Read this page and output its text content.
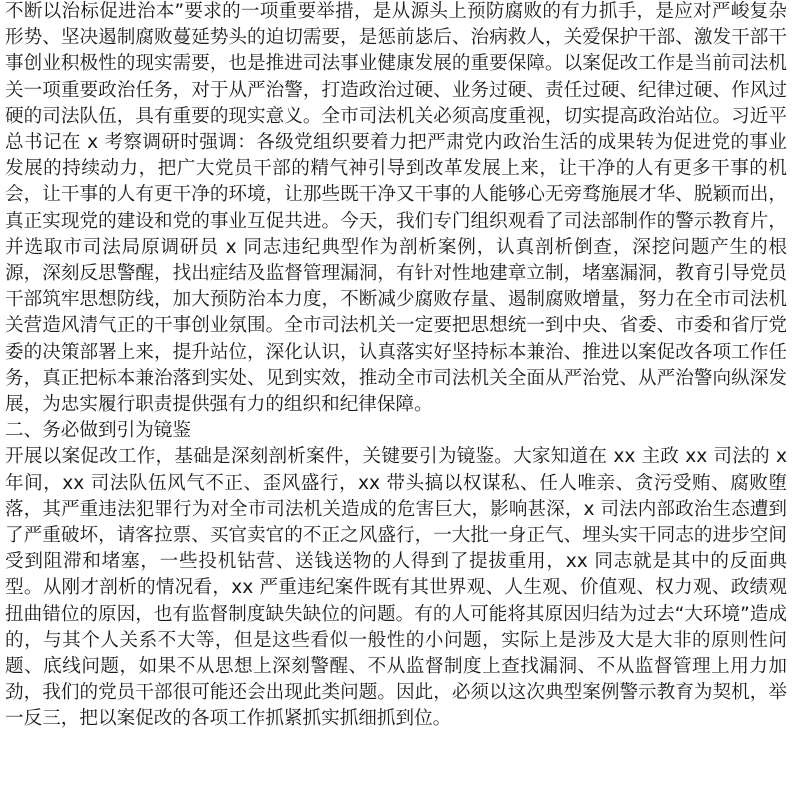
不断以治标促进治本”要求的一项重要举措，是从源头上预防腐败的有力抓手，是应对严峻复杂形势、坚决遏制腐败蔓延势头的迫切需要，是惩前毖后、治病救人，关爱保护干部、激发干部干事创业积极性的现实需要，也是推进司法事业健康发展的重要保障。以案促改工作是当前司法机关一项重要政治任务，对于从严治警，打造政治过硬、业务过硬、责任过硬、纪律过硬、作风过硬的司法队伍，具有重要的现实意义。全市司法机关必须高度重视，切实提高政治站位。习近平总书记在 x 考察调研时强调：各级党组织要着力把严肃党内政治生活的成果转为促进党的事业发展的持续动力，把广大党员干部的精气神引导到改革发展上来，让干净的人有更多干事的机会，让干事的人有更干净的环境，让那些既干净又干事的人能够心无旁骛施展才华、脱颖而出，真正实现党的建设和党的事业互促共进。今天，我们专门组织观看了司法部制作的警示教育片，并选取市司法局原调研员 x 同志违纪典型作为剖析案例，认真剖析倒查，深挖问题产生的根源，深刻反思警醒，找出症结及监督管理漏洞，有针对性地建章立制，堵塞漏洞，教育引导党员干部筑牢思想防线，加大预防治本力度，不断减少腐败存量、遏制腐败增量，努力在全市司法机关营造风清气正的干事创业氛围。全市司法机关一定要把思想统一到中央、省委、市委和省厅党委的决策部署上来，提升站位，深化认识，认真落实好坚持标本兼治、推进以案促改各项工作任务，真正把标本兼治落到实处、见到实效，推动全市司法机关全面从严治党、从严治警向纵深发展，为忠实履行职责提供强有力的组织和纪律保障。

二、务必做到引为镜鉴

开展以案促改工作，基础是深刻剖析案件，关键要引为镜鉴。大家知道在 xx 主政 xx 司法的 x 年间，xx 司法队伍风气不正、歪风盛行，xx 带头搞以权谋私、任人唯亲、贪污受贿、腐败堕落，其严重违法犯罪行为对全市司法机关造成的危害巨大，影响甚深，x 司法内部政治生态遭到了严重破坏，请客拉票、买官卖官的不正之风盛行，一大批一身正气、埋头实干同志的进步空间受到阻滞和堵塞，一些投机钻营、送钱送物的人得到了提拔重用，xx 同志就是其中的反面典型。从刚才剖析的情况看，xx 严重违纪案件既有其世界观、人生观、价值观、权力观、政绩观扭曲错位的原因，也有监督制度缺失缺位的问题。有的人可能将其原因归结为过去“大环境”造成的，与其个人关系不大等，但是这些看似一般性的小问题，实际上是涉及大是大非的原则性问题、底线问题，如果不从思想上深刻警醒、不从监督制度上查找漏洞、不从监督管理上用力加劲，我们的党员干部很可能还会出现此类问题。因此，必须以这次典型案例警示教育为契机，举一反三，把以案促改的各项工作抓紧抓实抓细抓到位。
